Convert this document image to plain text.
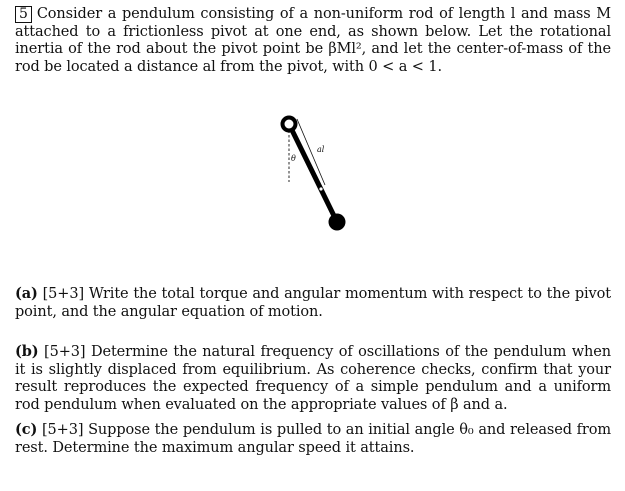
5 Consider a pendulum consisting of a non-uniform rod of length l and mass M attached to a frictionless pivot at one end, as shown below. Let the rotational inertia of the rod about the pivot point be βMl², and let the center-of-mass of the rod be located a distance al from the pivot, with 0 < a < 1.
θ
al
(a) [5+3] Write the total torque and angular momentum with respect to the pivot point, and the angular equation of motion.
(b) [5+3] Determine the natural frequency of oscillations of the pendulum when it is slightly displaced from equilibrium. As coherence checks, confirm that your result reproduces the expected frequency of a simple pendulum and a uniform rod pendulum when evaluated on the appropriate values of β and a.
(c) [5+3] Suppose the pendulum is pulled to an initial angle θ₀ and released from rest. Determine the maximum angular speed it attains.
